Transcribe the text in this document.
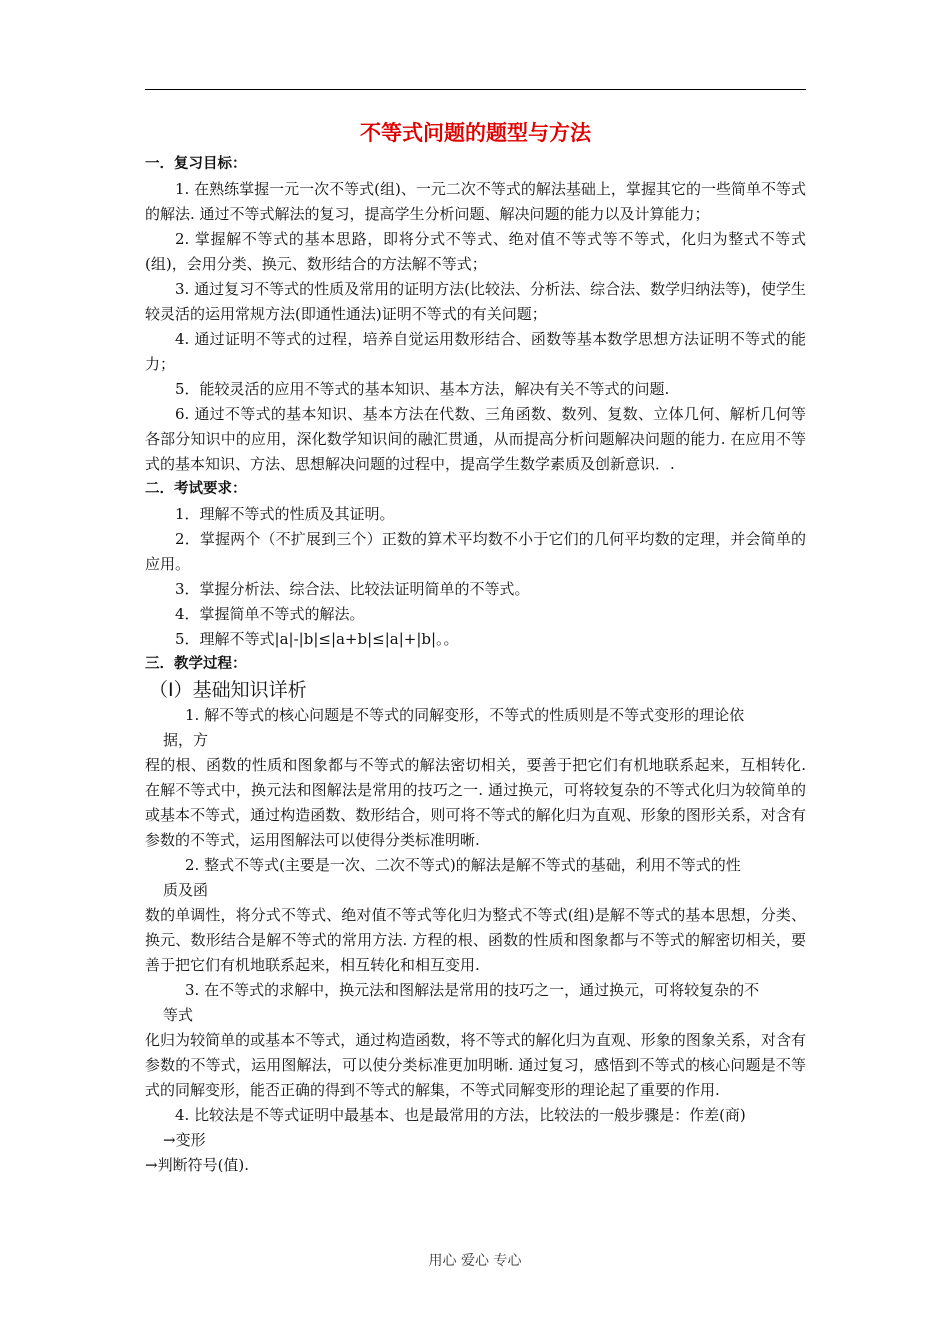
不等式问题的题型与方法

一．复习目标：

1. 在熟练掌握一元一次不等式(组)、一元二次不等式的解法基础上，掌握其它的一些简单不等式的解法. 通过不等式解法的复习，提高学生分析问题、解决问题的能力以及计算能力；

2. 掌握解不等式的基本思路，即将分式不等式、绝对值不等式等不等式，化归为整式不等式(组)，会用分类、换元、数形结合的方法解不等式；

3. 通过复习不等式的性质及常用的证明方法(比较法、分析法、综合法、数学归纳法等)，使学生较灵活的运用常规方法(即通性通法)证明不等式的有关问题；

4. 通过证明不等式的过程，培养自觉运用数形结合、函数等基本数学思想方法证明不等式的能力；

5．能较灵活的应用不等式的基本知识、基本方法，解决有关不等式的问题.

6. 通过不等式的基本知识、基本方法在代数、三角函数、数列、复数、立体几何、解析几何等各部分知识中的应用，深化数学知识间的融汇贯通，从而提高分析问题解决问题的能力. 在应用不等式的基本知识、方法、思想解决问题的过程中，提高学生数学素质及创新意识．.

二．考试要求：

1．理解不等式的性质及其证明。

2．掌握两个（不扩展到三个）正数的算术平均数不小于它们的几何平均数的定理，并会简单的应用。

3．掌握分析法、综合法、比较法证明简单的不等式。

4．掌握简单不等式的解法。

5．理解不等式|a|-|b|≤|a+b|≤|a|+|b|。。

三．教学过程：

（Ⅰ）基础知识详析

1. 解不等式的核心问题是不等式的同解变形，不等式的性质则是不等式变形的理论依

据，方

程的根、函数的性质和图象都与不等式的解法密切相关，要善于把它们有机地联系起来，互相转化. 在解不等式中，换元法和图解法是常用的技巧之一. 通过换元，可将较复杂的不等式化归为较简单的或基本不等式，通过构造函数、数形结合，则可将不等式的解化归为直观、形象的图形关系，对含有参数的不等式，运用图解法可以使得分类标准明晰.

2. 整式不等式(主要是一次、二次不等式)的解法是解不等式的基础，利用不等式的性

质及函

数的单调性，将分式不等式、绝对值不等式等化归为整式不等式(组)是解不等式的基本思想，分类、换元、数形结合是解不等式的常用方法. 方程的根、函数的性质和图象都与不等式的解密切相关，要善于把它们有机地联系起来，相互转化和相互变用.

3. 在不等式的求解中，换元法和图解法是常用的技巧之一，通过换元，可将较复杂的不

等式

化归为较简单的或基本不等式，通过构造函数，将不等式的解化归为直观、形象的图象关系，对含有参数的不等式，运用图解法，可以使分类标准更加明晰. 通过复习，感悟到不等式的核心问题是不等式的同解变形，能否正确的得到不等式的解集，不等式同解变形的理论起了重要的作用.

4. 比较法是不等式证明中最基本、也是最常用的方法，比较法的一般步骤是：作差(商)

→变形

→判断符号(值).

用心 爱心 专心
